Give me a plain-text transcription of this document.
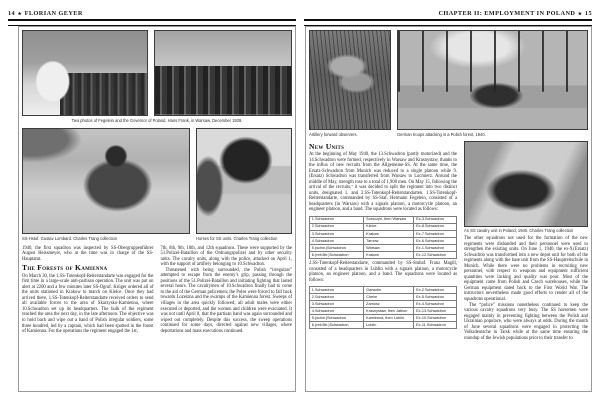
14 ★ FLORIAN GEYER
Two photos of Fegelein and the Governor of Poland, Hans Frank, in Warsaw, December 1939.
SS-Hstuf. Gustav Lombard. Charles Trang collection	Horses for SS units. Charles Trang collection

1940, the first squadron was inspected by SS-Obergruppenführer August Heissmeyer, who at the time was in charge of the SS-Hauptamt.

The Forests of Kamienna

On March 30, the 1.SS-Totenkopf-Reiterstandarte was engaged for the first time in a large-scale anti-partisan operation. The unit was put on alert at 2200 and a few minutes later SS-Ogruf. Krüger ordered all of the units stationed in Krakow to march on Kielce. Once they had arrived there, 1.SS-Totenkopf-Reiterstandarte received orders to send all available forces to the area of Skarzysko-Kamienna, where 10.Schwadron set up its headquarters. The bulk of the regiment reached the area the next day, in the late afternoon. The objective was to hold back and wipe out a band of Polish irregular soldiers, some three hundred, led by a captain, which had been spotted in the forest of Kamienna. For the operations the regiment engaged the 1st,

7th, 8th, 9th, 10th, and 12th squadrons. These were supported by the 51.Polizei-Bataillon of the Ordnungspolizei and by other security units. The cavalry units, along with the police, attacked on April 1, with the support of artillery belonging to 10.Schwadron.

Threatened with being surrounded, the Polish “irregulars” attempted to escape from the enemy’s grip, passing through the positions of the 51.Polizei-Bataillon and initiating fighting that lasted several hours. The cavalrymen of 10.Schwadron finally had to come to the aid of the German policemen; the Poles were forced to fall back towards Lozeizna and the swamps of the Kamienna forest. Sweeps of villages in the area quickly followed; all adult males were either executed or deported, and the women and children were evacuated. It was not until April 8, that the partisan band was again surrounded and wiped out completely. Despite this success, the sweep operations continued for some days, directed against new villages, where deportations and mass executions continued.

CHAPTER II: EMPLOYMENT IN POLAND ★ 15
Artillery forward observers.	German troops attacking in a Polish forest, 1940.
New Units

At the beginning of May 1940, the 13.Schwadron (partly motorized) and the 14.Schwadron were formed, respectively in Warsaw and Krasnystaw, thanks to the influx of new recruits from the Allgemeine-SS. At the same time, the Ersatz-Schwadron from Munich was reduced to a single platoon while 9.(Ersatz) Schwadron was transferred from Warsaw to Lucmierz. Around the middle of May, strength rose to a total of 1,908 men. On May 15, following the arrival of the recruits,⁷ it was decided to split the regiment into two distinct units, designated 1. and 2.SS-Totenkopf-Reiterstandarten. 1.SS-Totenkopf-Reiterstandarte, commanded by SS-Staf. Hermann Fegelein, consisted of a headquarters (in Warsaw) with a signals platoon, a motorcycle platoon, an engineer platoon, and a band. The squadrons were located as follows:

1.Schwadron	Soroczyn, then Warsaw	Ex-3.Schwadron
2.Schwadron	Kielce	Ex-8.Schwadron
3.Schwadron	Krakow	Ex-7.Schwadron
4.Schwadron	Tarnow	Ex-6.Schwadron
5.(schw.)Schwadron	Warsaw	Ex-1.Schwadron
6.(reit.Btr.)Schwadron	Krakow	Ex-12.Schwadron

2.SS-Totenkopf-Reiterstandarte, commanded by SS-Stubaf. Franz Magill, consisted of a headquarters in Lublin with a signals platoon, a motorcycle platoon, an engineer platoon, and a band. The squadrons were located as follows:

1.Schwadron	Garwolin	Ex-2.Schwadron
2.Schwadron	Chelm	Ex-5.Schwadron
3.Schwadron	Zamosc	Ex-4.Schwadron
4.Schwadron	Krasnystaw, then Jablon	Ex-13.Schwadron
5.(schw.)Schwadron	Kamienna, then Lublin	Ex-10.Schwadron
6.(reit.Btr.)Schwadron	Lublin	Ex-11.Schwadron
An SS cavalry unit in Poland, 1940. Charles Trang collection

The other squadrons not used for the formation of the new regiments were disbanded and their personnel were used to strengthen the existing units. On June 1, 1940, the ex-9.(Ersatz) Schwadron was transformed into a new depot unit for both of the regiments along with the base unit from the SS-Hauptreitschule in Munich. While there were no problems in recruiting new personnel, with respect to weapons and equipment sufficient quantities were lacking and quality was poor. Most of the equipment came from Polish and Czech warehouses, while the German equipment dated back to the First World War. The instructors nevertheless made good efforts to render all of the squadrons operational.

The “police” missions nonetheless continued to keep the various cavalry squadrons very busy. The SS horsemen were engaged mainly in preventing fighting between the Polish and Ukrainian populace, who were always at odds. During the month of June several squadrons were engaged in protecting the Volksdeutsche in Tarsk while at the same time ensuring the roundup of the Jewish populations prior to their transfer to
